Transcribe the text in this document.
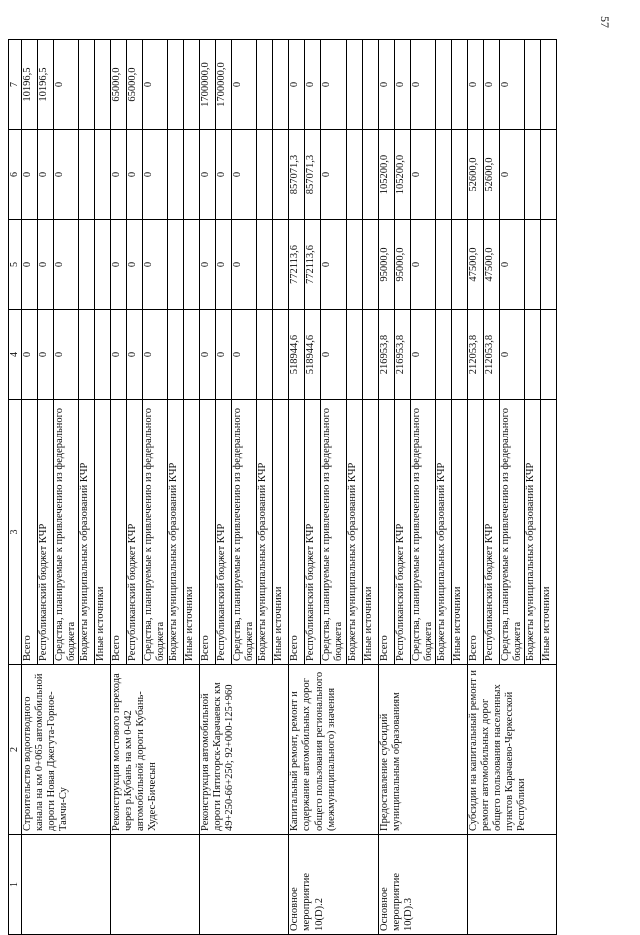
57
1	2	3	4	5	6	7
	Строительство водоотводного канала на км 0+065 автомобильной дороги Новая Джегута-Горное-Тамчи-Су	Всего	0	0	0	10196,5
		Республиканский бюджет КЧР	0	0	0	10196,5
		Средства, планируемые к привлечению из федерального бюджета	0	0	0	0
		Бюджеты муниципальных образований КЧР				
		Иные источники				
	Реконструкция мостового перехода через р.Кубань на км 0-042 автомобильной дороги Кубань-Худес-Бичесын	Всего	0	0	0	65000,0
		Республиканский бюджет КЧР	0	0	0	65000,0
		Средства, планируемые к привлечению из федерального бюджета	0	0	0	0
		Бюджеты муниципальных образований КЧР				
		Иные источники				
	Реконструкция автомобильной дороги Пятигорск-Карачаевск км 49+250-66+250; 92+000-125+960	Всего	0	0	0	1700000,0
		Республиканский бюджет КЧР	0	0	0	1700000,0
		Средства, планируемые к привлечению из федерального бюджета	0	0	0	0
		Бюджеты муниципальных образований КЧР				
		Иные источники				
Основное мероприятие 10(D).2	Капитальный ремонт, ремонт и содержание автомобильных дорог общего пользования регионального (межмуниципального) значения	Всего	518944,6	772113,6	857071,3	0
		Республиканский бюджет КЧР	518944,6	772113,6	857071,3	0
		Средства, планируемые к привлечению из федерального бюджета	0	0	0	0
		Бюджеты муниципальных образований КЧР				
		Иные источники				
Основное мероприятие 10(D).3	Предоставление субсидий муниципальным образованиям	Всего	216953,8	95000,0	105200,0	0
		Республиканский бюджет КЧР	216953,8	95000,0	105200,0	0
		Средства, планируемые к привлечению из федерального бюджета	0	0	0	0
		Бюджеты муниципальных образований КЧР				
		Иные источники				
	Субсидии на капитальный ремонт и ремонт автомобильных дорог общего пользования населенных пунктов Карачаево-Черкесской Республики	Всего	212053,8	47500,0	52600,0	0
		Республиканский бюджет КЧР	212053,8	47500,0	52600,0	0
		Средства, планируемые к привлечению из федерального бюджета	0	0	0	0
		Бюджеты муниципальных образований КЧР				
		Иные источники				
